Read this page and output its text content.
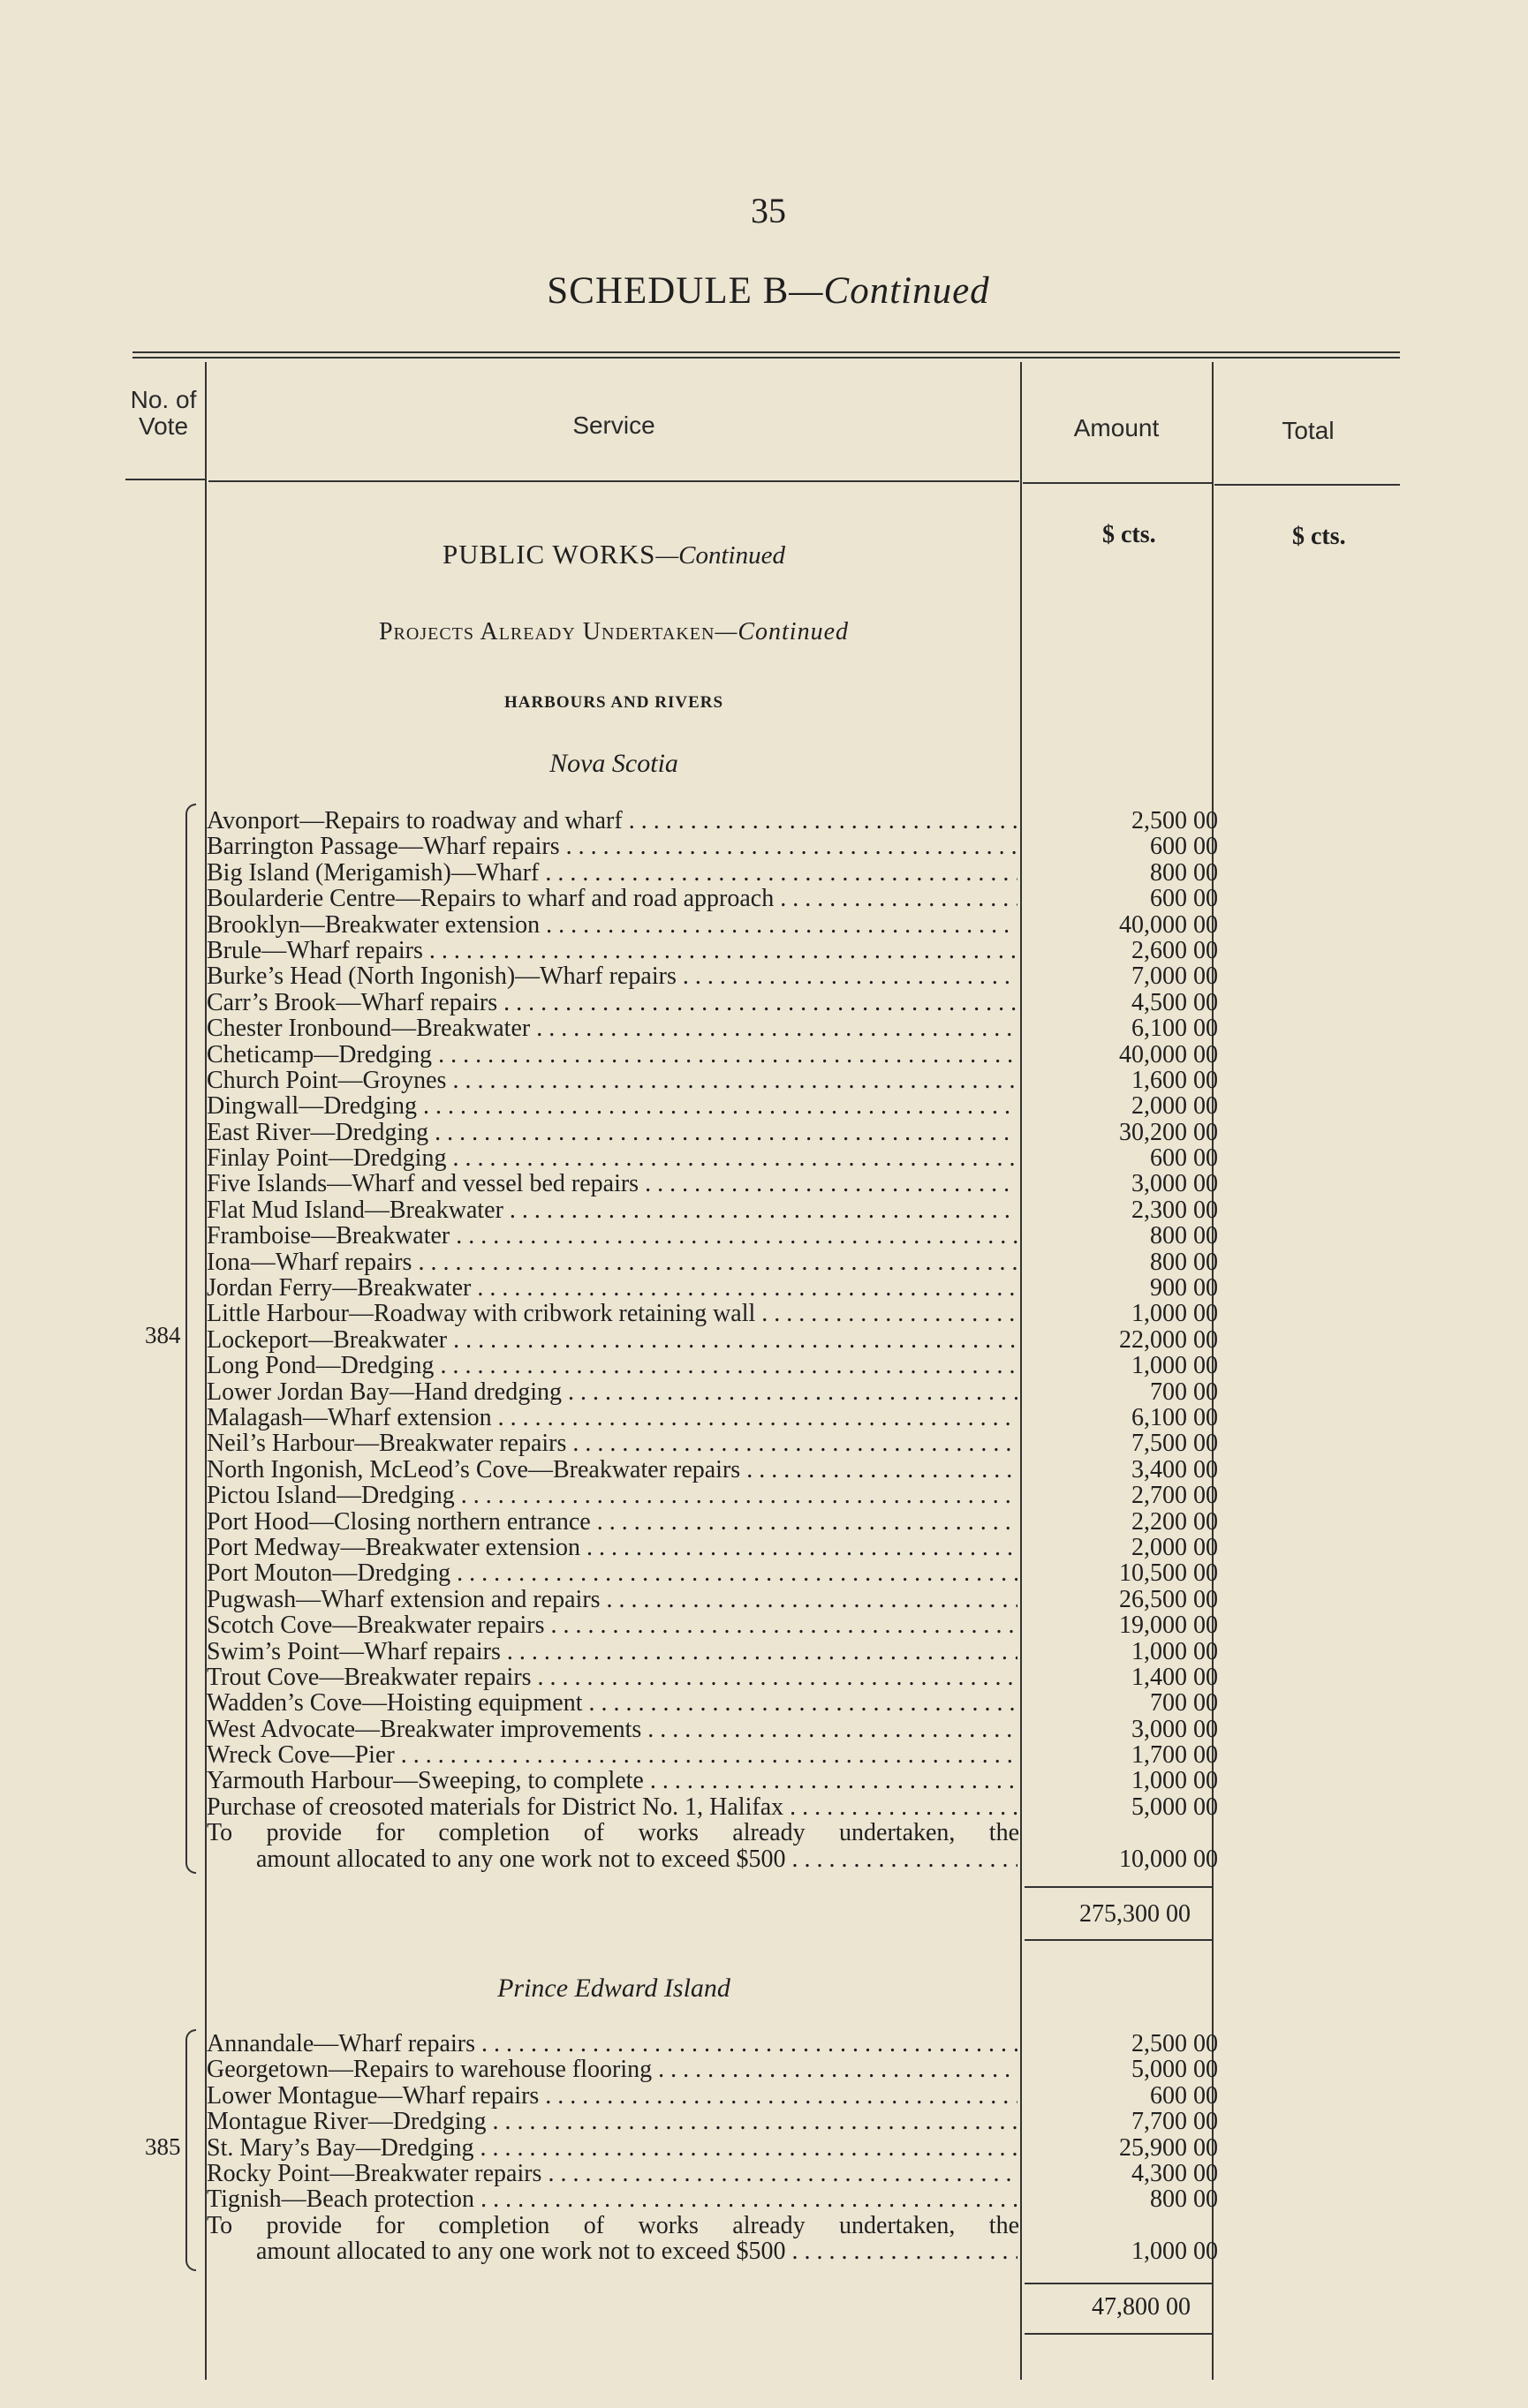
35
SCHEDULE B—Continued
No. of Vote	Service	Amount	Total
$ cts.	$ cts.
PUBLIC WORKS—Continued
Projects Already Undertaken—Continued
HARBOURS AND RIVERS
Nova Scotia
384
Avonport—Repairs to roadway and wharf . . .	2,500 00
Barrington Passage—Wharf repairs . . .	600 00
Big Island (Merigamish)—Wharf . . .	800 00
Boularderie Centre—Repairs to wharf and road approach . . .	600 00
Brooklyn—Breakwater extension . . .	40,000 00
Brule—Wharf repairs . . .	2,600 00
Burke’s Head (North Ingonish)—Wharf repairs . . .	7,000 00
Carr’s Brook—Wharf repairs . . .	4,500 00
Chester Ironbound—Breakwater . . .	6,100 00
Cheticamp—Dredging . . .	40,000 00
Church Point—Groynes . . .	1,600 00
Dingwall—Dredging . . .	2,000 00
East River—Dredging . . .	30,200 00
Finlay Point—Dredging . . .	600 00
Five Islands—Wharf and vessel bed repairs . . .	3,000 00
Flat Mud Island—Breakwater . . .	2,300 00
Framboise—Breakwater . . .	800 00
Iona—Wharf repairs . . .	800 00
Jordan Ferry—Breakwater . . .	900 00
Little Harbour—Roadway with cribwork retaining wall . . .	1,000 00
Lockeport—Breakwater . . .	22,000 00
Long Pond—Dredging . . .	1,000 00
Lower Jordan Bay—Hand dredging . . .	700 00
Malagash—Wharf extension . . .	6,100 00
Neil’s Harbour—Breakwater repairs . . .	7,500 00
North Ingonish, McLeod’s Cove—Breakwater repairs . . .	3,400 00
Pictou Island—Dredging . . .	2,700 00
Port Hood—Closing northern entrance . . .	2,200 00
Port Medway—Breakwater extension . . .	2,000 00
Port Mouton—Dredging . . .	10,500 00
Pugwash—Wharf extension and repairs . . .	26,500 00
Scotch Cove—Breakwater repairs . . .	19,000 00
Swim’s Point—Wharf repairs . . .	1,000 00
Trout Cove—Breakwater repairs . . .	1,400 00
Wadden’s Cove—Hoisting equipment . . .	700 00
West Advocate—Breakwater improvements . . .	3,000 00
Wreck Cove—Pier . . .	1,700 00
Yarmouth Harbour—Sweeping, to complete . . .	1,000 00
Purchase of creosoted materials for District No. 1, Halifax . . .	5,000 00
To provide for completion of works already undertaken, the
amount allocated to any one work not to exceed $500 . . .	10,000 00
275,300 00
Prince Edward Island
385
Annandale—Wharf repairs . . .	2,500 00
Georgetown—Repairs to warehouse flooring . . .	5,000 00
Lower Montague—Wharf repairs . . .	600 00
Montague River—Dredging . . .	7,700 00
St. Mary’s Bay—Dredging . . .	25,900 00
Rocky Point—Breakwater repairs . . .	4,300 00
Tignish—Beach protection . . .	800 00
To provide for completion of works already undertaken, the
amount allocated to any one work not to exceed $500 . . .	1,000 00
47,800 00
